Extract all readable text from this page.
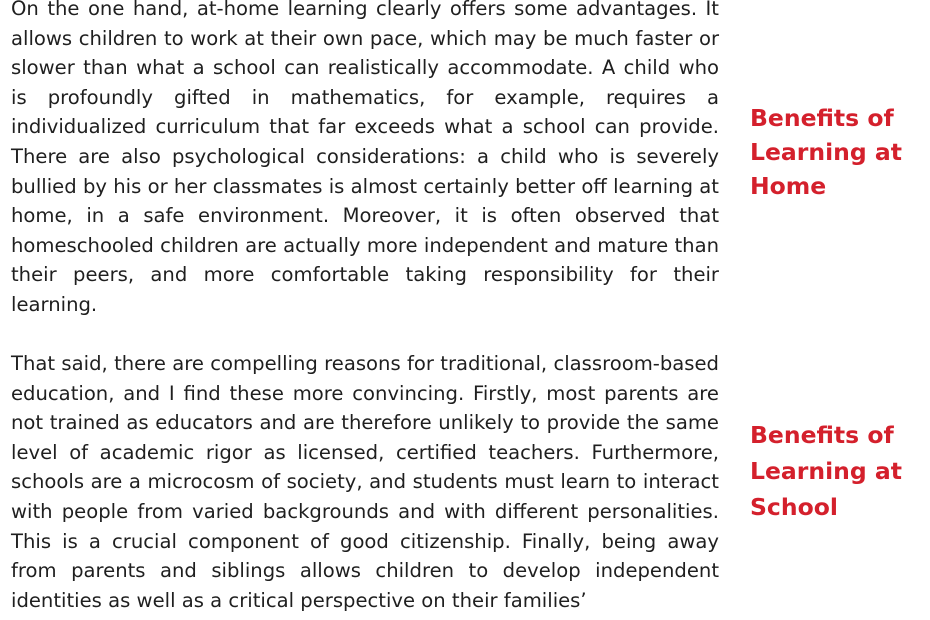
On the one hand, at-home learning clearly offers some advantages. It allows children to work at their own pace, which may be much faster or slower than what a school can realistically accommodate. A child who is profoundly gifted in mathematics, for example, requires a individualized curriculum that far exceeds what a school can provide. There are also psychological considerations: a child who is severely bullied by his or her classmates is almost certainly better off learning at home, in a safe environment. Moreover, it is often observed that homeschooled children are actually more independent and mature than their peers, and more comfortable taking responsibility for their learning.

Benefits of Learning at Home

That said, there are compelling reasons for traditional, classroom-based education, and I find these more convincing. Firstly, most parents are not trained as educators and are therefore unlikely to provide the same level of academic rigor as licensed, certified teachers. Furthermore, schools are a microcosm of society, and students must learn to interact with people from varied backgrounds and with different personalities. This is a crucial component of good citizenship. Finally, being away from parents and siblings allows children to develop independent identities as well as a critical perspective on their families’

Benefits of Learning at School
